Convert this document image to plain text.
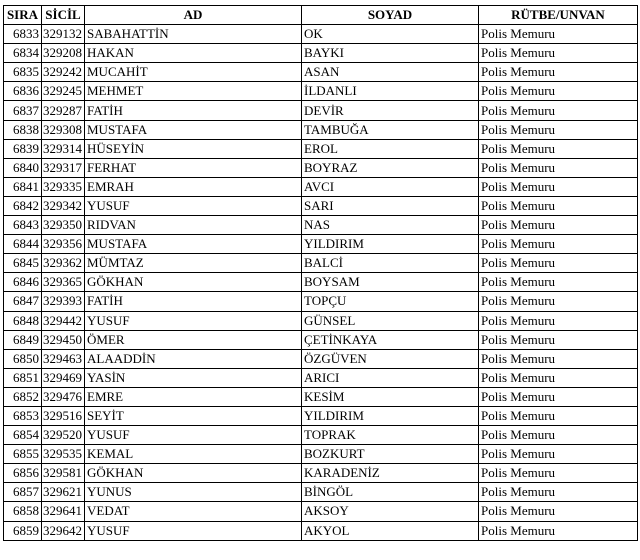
SIRA	SİCİL	AD	SOYAD	RÜTBE/UNVAN
6833	329132	SABAHATTİN	OK	Polis Memuru
6834	329208	HAKAN	BAYKI	Polis Memuru
6835	329242	MUCAHİT	ASAN	Polis Memuru
6836	329245	MEHMET	İLDANLI	Polis Memuru
6837	329287	FATİH	DEVİR	Polis Memuru
6838	329308	MUSTAFA	TAMBUĞA	Polis Memuru
6839	329314	HÜSEYİN	EROL	Polis Memuru
6840	329317	FERHAT	BOYRAZ	Polis Memuru
6841	329335	EMRAH	AVCI	Polis Memuru
6842	329342	YUSUF	SARI	Polis Memuru
6843	329350	RIDVAN	NAS	Polis Memuru
6844	329356	MUSTAFA	YILDIRIM	Polis Memuru
6845	329362	MÜMTAZ	BALCİ	Polis Memuru
6846	329365	GÖKHAN	BOYSAM	Polis Memuru
6847	329393	FATİH	TOPÇU	Polis Memuru
6848	329442	YUSUF	GÜNSEL	Polis Memuru
6849	329450	ÖMER	ÇETİNKAYA	Polis Memuru
6850	329463	ALAADDİN	ÖZGÜVEN	Polis Memuru
6851	329469	YASİN	ARICI	Polis Memuru
6852	329476	EMRE	KESİM	Polis Memuru
6853	329516	SEYİT	YILDIRIM	Polis Memuru
6854	329520	YUSUF	TOPRAK	Polis Memuru
6855	329535	KEMAL	BOZKURT	Polis Memuru
6856	329581	GÖKHAN	KARADENİZ	Polis Memuru
6857	329621	YUNUS	BİNGÖL	Polis Memuru
6858	329641	VEDAT	AKSOY	Polis Memuru
6859	329642	YUSUF	AKYOL	Polis Memuru
